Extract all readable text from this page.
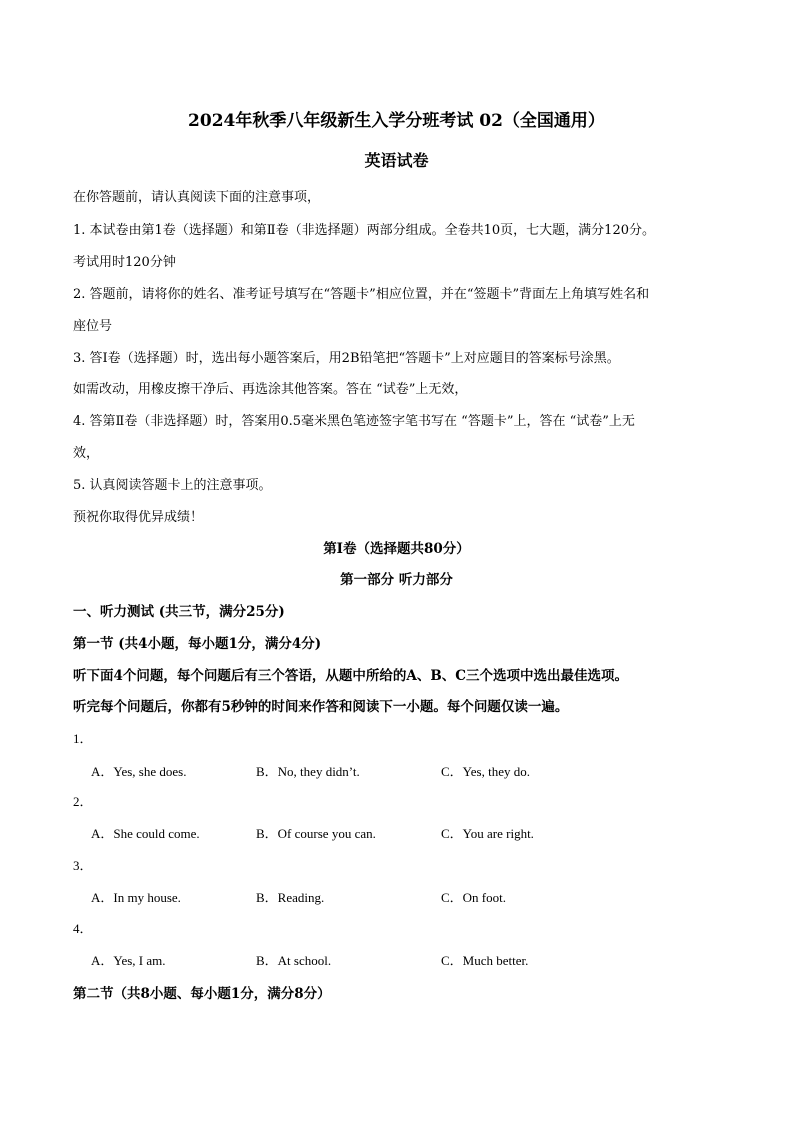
2024年秋季八年级新生入学分班考试 02（全国通用）
英语试卷
在你答题前，请认真阅读下面的注意事项，
1. 本试卷由第1卷（选择题）和第Ⅱ卷（非选择题）两部分组成。全卷共10页，七大题，满分120分。
考试用时120分钟
2. 答题前，请将你的姓名、准考证号填写在“答题卡”相应位置，并在“签题卡”背面左上角填写姓名和
座位号
3. 答Ⅰ卷（选择题）时，选出每小题答案后，用2B铅笔把“答题卡”上对应题目的答案标号涂黑。
如需改动，用橡皮擦干净后、再选涂其他答案。答在 “试卷”上无效，
4. 答第Ⅱ卷（非选择题）时，答案用0.5毫米黑色笔迹签字笔书写在 “答题卡”上，答在 “试卷”上无
效，
5. 认真阅读答题卡上的注意事项。
预祝你取得优异成绩！
第Ⅰ卷（选择题共80分）
第一部分 听力部分
一、听力测试 (共三节，满分25分)
第一节 (共4小题，每小题1分，满分4分)
听下面4个问题，每个问题后有三个答语，从题中所给的A、B、C三个选项中选出最佳选项。
听完每个问题后，你都有5秒钟的时间来作答和阅读下一小题。每个问题仅读一遍。
1．
A．Yes, she does.	B．No, they didn’t.	C．Yes, they do.
2．
A．She could come.	B．Of course you can.	C．You are right.
3．
A．In my house.	B．Reading.	C．On foot.
4．
A．Yes, I am.	B．At school.	C．Much better.
第二节（共8小题、每小题1分，满分8分）
